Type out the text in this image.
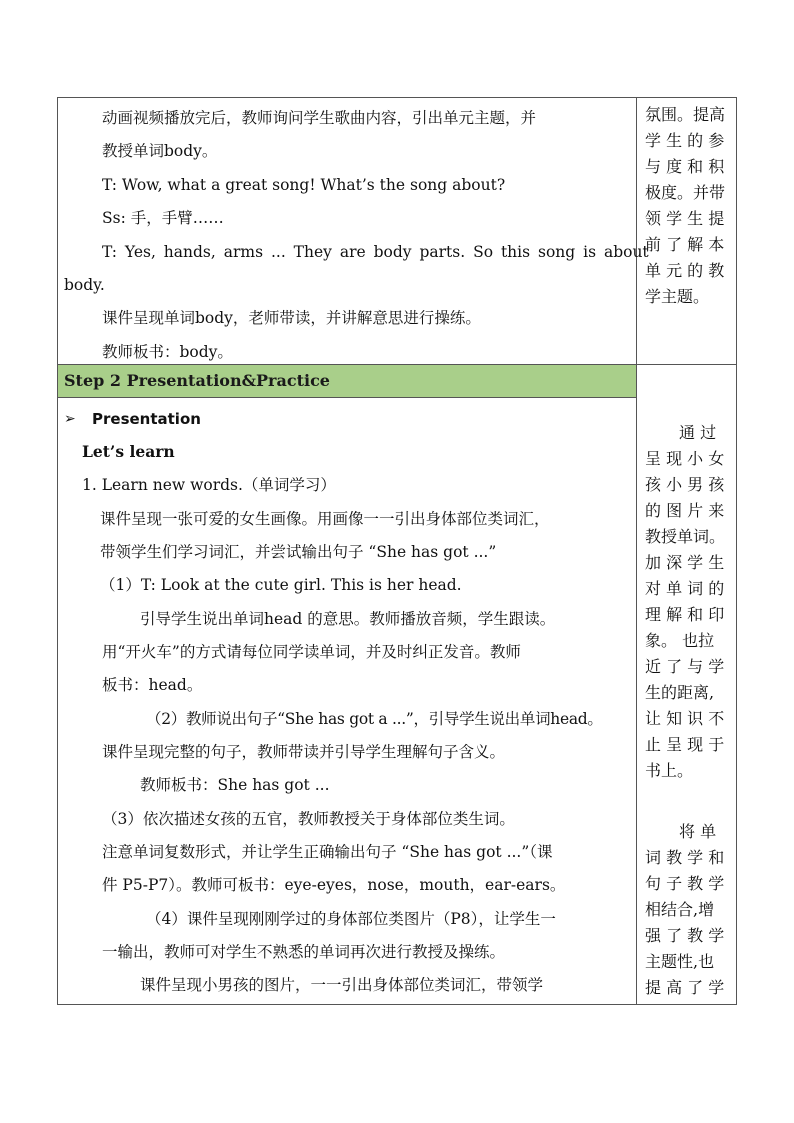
动画视频播放完后，教师询问学生歌曲内容，引出单元主题，并
教授单词body。
T: Wow, what a great song! What’s the song about?
Ss: 手，手臂……
T: Yes, hands, arms ... They are body parts. So this song is about
body.
课件呈现单词body，老师带读，并讲解意思进行操练。
教师板书：body。
氛围。提高
学 生 的 参
与 度 和 积
极度。并带
领 学 生 提
前 了 解 本
单 元 的 教
学主题。
Step 2 Presentation&Practice
➢ Presentation
Let’s learn
1. Learn new words.（单词学习）
课件呈现一张可爱的女生画像。用画像一一引出身体部位类词汇，
带领学生们学习词汇，并尝试输出句子 “She has got ...”
（1）T: Look at the cute girl. This is her head.
引导学生说出单词head 的意思。教师播放音频，学生跟读。
用“开火车”的方式请每位同学读单词，并及时纠正发音。教师
板书：head。
（2）教师说出句子“She has got a ...”，引导学生说出单词head。
课件呈现完整的句子，教师带读并引导学生理解句子含义。
教师板书：She has got ...
（3）依次描述女孩的五官，教师教授关于身体部位类生词。
注意单词复数形式，并让学生正确输出句子 “She has got ...”（课
件 P5-P7）。教师可板书：eye-eyes，nose，mouth，ear-ears。
（4）课件呈现刚刚学过的身体部位类图片（P8），让学生一
一输出，教师可对学生不熟悉的单词再次进行教授及操练。
课件呈现小男孩的图片，一一引出身体部位类词汇，带领学
通 过
呈 现 小 女
孩 小 男 孩
的 图 片 来
教授单词。
加 深 学 生
对 单 词 的
理 解 和 印
象。 也拉
近 了 与 学
生的距离,
让 知 识 不
止 呈 现 于
书上。
将 单
词 教 学 和
句 子 教 学
相结合,增
强 了 教 学
主题性,也
提 高 了 学
